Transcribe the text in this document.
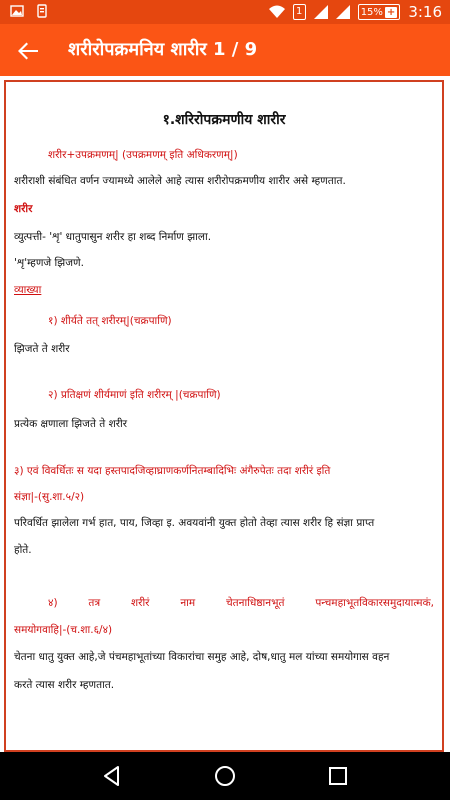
1	15% + 3:16
शरीरोपक्रमनिय शारीर 1 / 9

१.शरिरोपक्रमणीय शारीर

शरीर+उपक्रमणम्| (उपक्रमणम् इति अधिकरणम्|)

शरीराशी संबंधित वर्णन ज्यामध्ये आलेले आहे त्यास शरीरोपक्रमणीय शारीर असे म्हणतात.

शरीर

व्युत्पत्ती- 'शृ' धातुपासुन शरीर हा शब्द निर्माण झाला.

'शृ'म्हणजे झिजणे.

व्याख्या

१) शीर्यते तत् शरीरम्|(चक्रपाणि)

झिजते ते शरीर

२) प्रतिक्षणं शीर्यमाणं इति शरीरम् |(चक्रपाणि)

प्रत्येक क्षणाला झिजते ते शरीर

३) एवं विवर्धितः स यदा हस्तपादजिव्हाघ्राणकर्णनितम्बादिभिः अंगैरुपेतः तदा शरीरं इति

संज्ञा|-(सु.शा.५/२)

परिवर्धित झालेला गर्भ हात, पाय, जिव्हा इ. अवयवांनी युक्त होतो तेव्हा त्यास शरीर हि संज्ञा प्राप्त

होते.

४)	तत्र	शरीरं	नाम	चेतनाधिष्ठानभूतं	पन्चमहाभूतविकारसमुदायात्मकं,

समयोगवाहि|-(च.शा.६/४)

चेतना धातु युक्त आहे,जे पंचमहाभूतांच्या विकारांचा समुह आहे, दोष,धातु मल यांच्या समयोगास वहन

करते त्यास शरीर म्हणतात.
